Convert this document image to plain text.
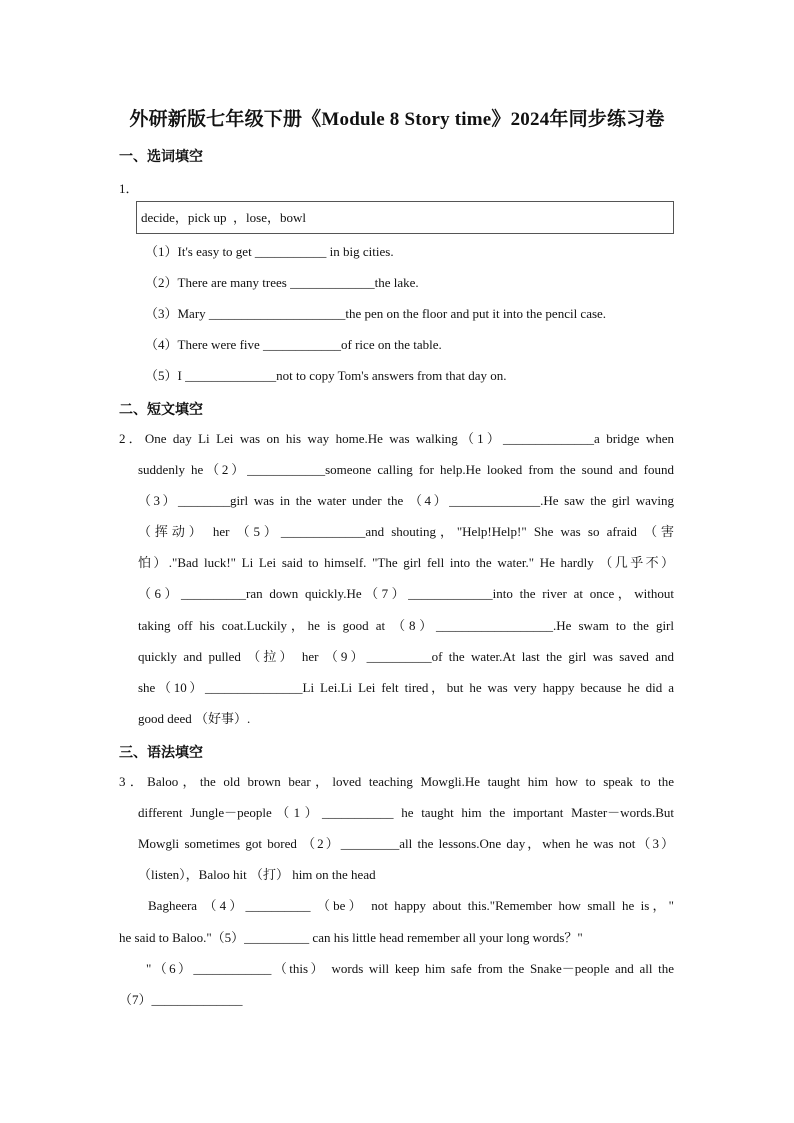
外研新版七年级下册《Module 8 Story time》2024年同步练习卷
一、选词填空
1．
decide，pick up  ，lose，bowl
（1）It's easy to get ___________ in big cities.
（2）There are many trees _____________the lake.
（3）Mary _____________________the pen on the floor and put it into the pencil case.
（4）There were five ____________of rice on the table.
（5）I ______________not to copy Tom's answers from that day on.
二、短文填空
2．One day Li Lei was on his way home.He was walking（1）______________a bridge when
suddenly he（2）____________someone calling for help.He looked from the sound and found
（3）________girl was in the water under the （4）______________.He saw the girl waving
（挥动） her （5）_____________and shouting，"Help!Help!" She was so afraid （害
怕）."Bad luck!" Li Lei said to himself. "The girl fell into the water." He hardly （几乎不）
（6）__________ran down quickly.He（7）_____________into the river at once，without
taking off his coat.Luckily，he is good at （8）__________________.He swam to the girl
quickly and pulled （拉） her （9）__________of the water.At last the girl was saved and
she（10）_______________Li Lei.Li Lei felt tired，but he was very happy because he did a
good deed （好事）.
三、语法填空
3．Baloo，the old brown bear，loved teaching Mowgli.He taught him how to speak to the
different Jungle－people（1）___________ he taught him the important Master－words.But
Mowgli sometimes got bored （2）_________all the lessons.One day，when he was not（3）
（listen），Baloo hit （打） him on the head
Bagheera （4）__________ （be） not happy about this."Remember how small he is，"
he said to Baloo."（5）__________ can his little head remember all your long words？"
"（6）____________（this） words will keep him safe from the Snake－people and all the
（7）______________
